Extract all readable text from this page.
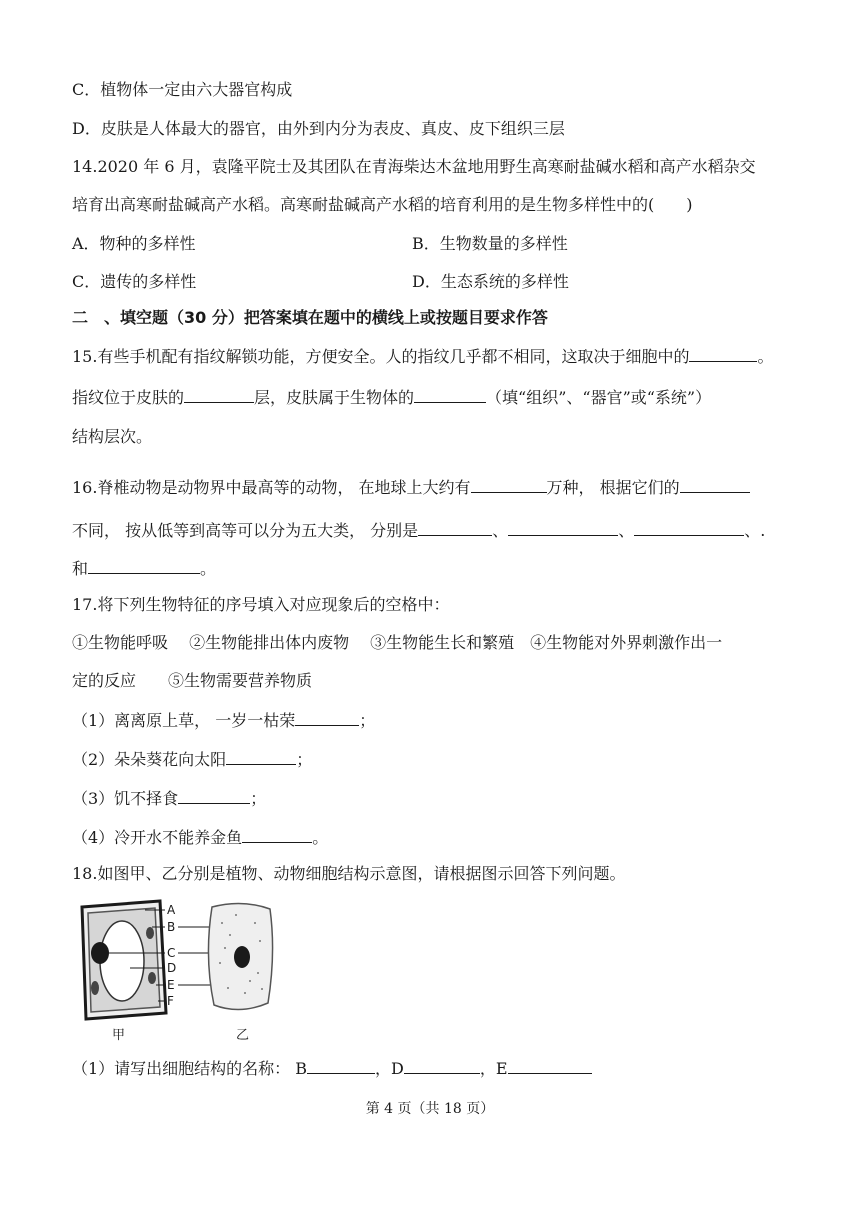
C．植物体一定由六大器官构成
D．皮肤是人体最大的器官，由外到内分为表皮、真皮、皮下组织三层
14.2020 年 6 月，袁隆平院士及其团队在青海柴达木盆地用野生高寒耐盐碱水稻和高产水稻杂交
培育出高寒耐盐碱高产水稻。高寒耐盐碱高产水稻的培育利用的是生物多样性中的(　　)
A．物种的多样性	B．生物数量的多样性
C．遗传的多样性	D．生态系统的多样性
二　、填空题（30 分）把答案填在题中的横线上或按题目要求作答
15.有些手机配有指纹解锁功能，方便安全。人的指纹几乎都不相同，这取决于细胞中的	。
指纹位于皮肤的	层，皮肤属于生物体的	（填“组织”、“器官”或“系统”）
结构层次。
16.脊椎动物是动物界中最高等的动物， 在地球上大约有	万种， 根据它们的
不同， 按从低等到高等可以分为五大类， 分别是	、	、	、.
和	。
17.将下列生物特征的序号填入对应现象后的空格中：
①生物能呼吸　 ②生物能排出体内废物　 ③生物能生长和繁殖　④生物能对外界刺激作出一
定的反应　　⑤生物需要营养物质
（1）离离原上草， 一岁一枯荣	；
（2）朵朵葵花向太阳	；
（3）饥不择食	；
（4）冷开水不能养金鱼	。
18.如图甲、乙分别是植物、动物细胞结构示意图，请根据图示回答下列问题。
A
B
C
D
E
F
甲	乙
（1）请写出细胞结构的名称： B	，D	，E
第 4 页（共 18 页）
